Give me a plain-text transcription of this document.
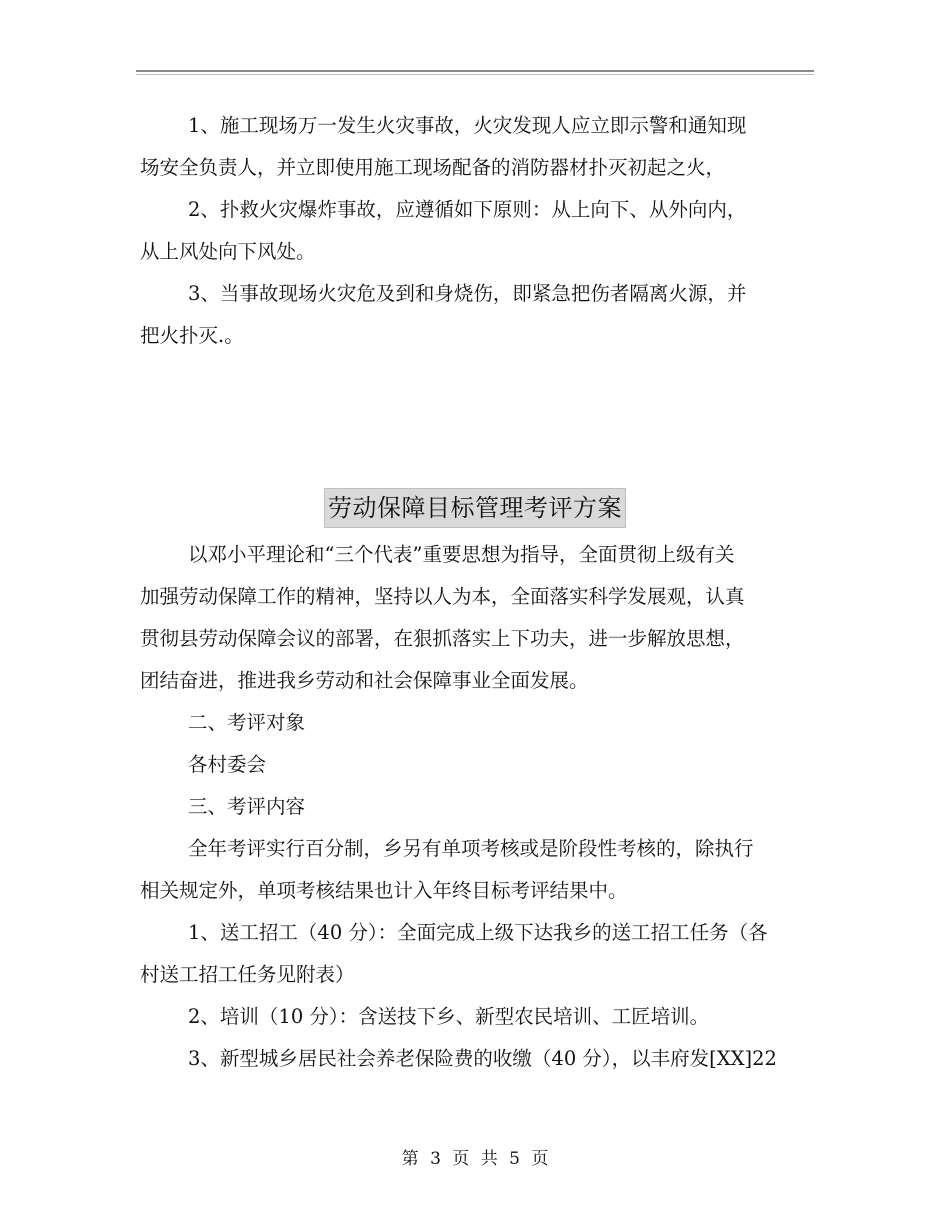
1、施工现场万一发生火灾事故，火灾发现人应立即示警和通知现
场安全负责人，并立即使用施工现场配备的消防器材扑灭初起之火，
2、扑救火灾爆炸事故，应遵循如下原则：从上向下、从外向内，
从上风处向下风处。
3、当事故现场火灾危及到和身烧伤，即紧急把伤者隔离火源，并
把火扑灭.。
劳动保障目标管理考评方案
以邓小平理论和“三个代表”重要思想为指导，全面贯彻上级有关
加强劳动保障工作的精神，坚持以人为本，全面落实科学发展观，认真
贯彻县劳动保障会议的部署，在狠抓落实上下功夫，进一步解放思想，
团结奋进，推进我乡劳动和社会保障事业全面发展。
二、考评对象
各村委会
三、考评内容
全年考评实行百分制，乡另有单项考核或是阶段性考核的，除执行
相关规定外，单项考核结果也计入年终目标考评结果中。
1、送工招工（40 分）：全面完成上级下达我乡的送工招工任务（各
村送工招工任务见附表）
2、培训（10 分）：含送技下乡、新型农民培训、工匠培训。
3、新型城乡居民社会养老保险费的收缴（40 分），以丰府发[XX]22
第 3 页 共 5 页
